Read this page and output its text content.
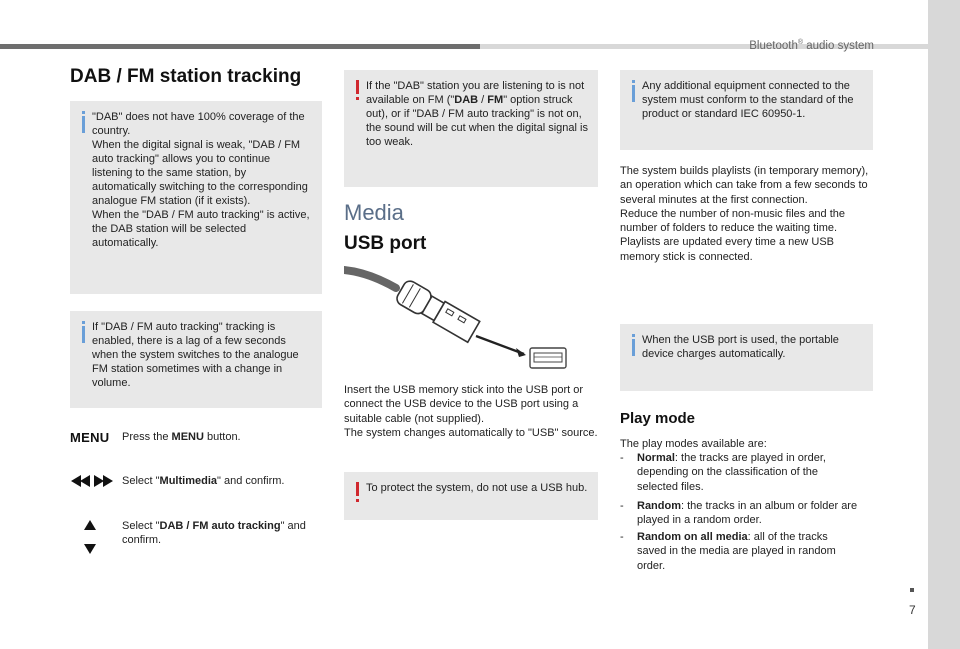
Bluetooth® audio system
7
DAB / FM station tracking
"DAB" does not have 100% coverage of the country.
When the digital signal is weak, "DAB / FM auto tracking" allows you to continue listening to the same station, by automatically switching to the corresponding analogue FM station (if it exists).
When the "DAB / FM auto tracking" is active, the DAB station will be selected automatically.
If "DAB / FM auto tracking" tracking is enabled, there is a lag of a few seconds when the system switches to the analogue FM station sometimes with a change in volume.
MENU Press the MENU button.
Select "Multimedia" and confirm.
Select "DAB / FM auto tracking" and confirm.
If the "DAB" station you are listening to is not available on FM ("DAB / FM" option struck out), or if "DAB / FM auto tracking" is not on, the sound will be cut when the digital signal is too weak.
Media
USB port
Insert the USB memory stick into the USB port or connect the USB device to the USB port using a suitable cable (not supplied).
The system changes automatically to "USB" source.
To protect the system, do not use a USB hub.
Any additional equipment connected to the system must conform to the standard of the product or standard IEC 60950-1.
The system builds playlists (in temporary memory), an operation which can take from a few seconds to several minutes at the first connection.
Reduce the number of non-music files and the number of folders to reduce the waiting time.
Playlists are updated every time a new USB memory stick is connected.
When the USB port is used, the portable device charges automatically.
Play mode
The play modes available are:
- Normal: the tracks are played in order, depending on the classification of the selected files.
- Random: the tracks in an album or folder are played in a random order.
- Random on all media: all of the tracks saved in the media are played in random order.
